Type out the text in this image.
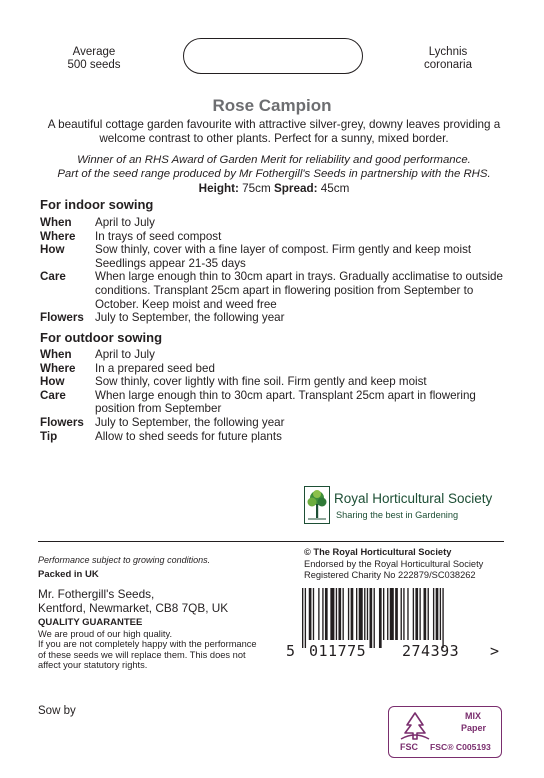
Average
500 seeds
Lychnis
coronaria
Rose Campion
A beautiful cottage garden favourite with attractive silver-grey, downy leaves providing a
welcome contrast to other plants. Perfect for a sunny, mixed border.
Winner of an RHS Award of Garden Merit for reliability and good performance.
Part of the seed range produced by Mr Fothergill's Seeds in partnership with the RHS.
Height: 75cm Spread: 45cm
For indoor sowing
When	April to July
Where	In trays of seed compost
How	Sow thinly, cover with a fine layer of compost. Firm gently and keep moist
Seedlings appear 21-35 days
Care	When large enough thin to 30cm apart in trays. Gradually acclimatise to outside
conditions. Transplant 25cm apart in flowering position from September to
October. Keep moist and weed free
Flowers July to September, the following year
For outdoor sowing
When	April to July
Where	In a prepared seed bed
How	Sow thinly, cover lightly with fine soil. Firm gently and keep moist
Care	When large enough thin to 30cm apart. Transplant 25cm apart in flowering
position from September
Flowers July to September, the following year
Tip	Allow to shed seeds for future plants
Royal Horticultural Society
Sharing the best in Gardening
Performance subject to growing conditions.
Packed in UK
Mr. Fothergill's Seeds,
Kentford, Newmarket, CB8 7QB, UK
QUALITY GUARANTEE
We are proud of our high quality.
If you are not completely happy with the performance
of these seeds we will replace them. This does not
affect your statutory rights.
© The Royal Horticultural Society
Endorsed by the Royal Horticultural Society
Registered Charity No 222879/SC038262
5 011775 274393 >
Sow by
FSC
MIX
Paper
FSC® C005193
